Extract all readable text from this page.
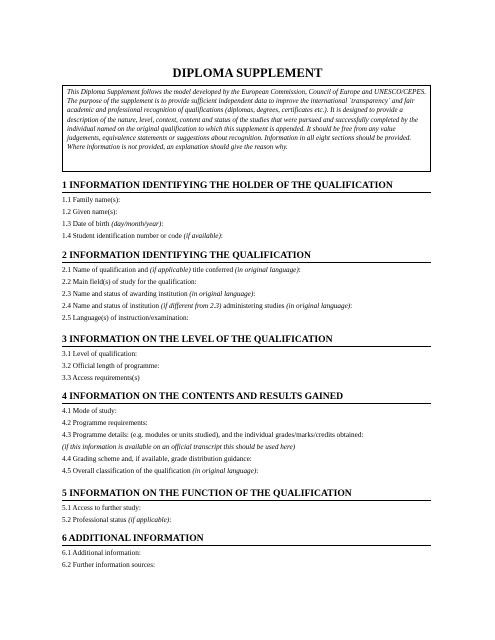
DIPLOMA SUPPLEMENT
This Diploma Supplement follows the model developed by the European Commission, Council of Europe and UNESCO/CEPES. The purpose of the supplement is to provide sufficient independent data to improve the international `transparency` and fair academic and professional recognition of qualifications (diplomas, degrees, certificates etc.). It is designed to provide a description of the nature, level, context, content and status of the studies that were pursued and successfully completed by the individual named on the original qualification to which this supplement is appended. It should be free from any value judgements, equivalence statements or suggestions about recognition. Information in all eight sections should be provided. Where information is not provided, an explanation should give the reason why.
1 INFORMATION IDENTIFYING THE HOLDER OF THE QUALIFICATION
1.1 Family name(s):
1.2 Given name(s):
1.3 Date of birth (day/month/year):
1.4 Student identification number or code (if available):
2 INFORMATION IDENTIFYING THE QUALIFICATION
2.1 Name of qualification and (if applicable) title conferred (in original language):
2.2 Main field(s) of study for the qualification:
2.3 Name and status of awarding institution (in original language):
2.4 Name and status of institution (if different from 2.3) administering studies (in original language):
2.5 Language(s) of instruction/examination:
3 INFORMATION ON THE LEVEL OF THE QUALIFICATION
3.1 Level of qualification:
3.2 Official length of programme:
3.3 Access requirements(s)
4 INFORMATION ON THE CONTENTS AND RESULTS GAINED
4.1 Mode of study:
4.2 Programme requirements:
4.3 Programme details: (e.g. modules or units studied), and the individual grades/marks/credits obtained:
(if this information is available on an official transcript this should be used here)
4.4 Grading scheme and, if available, grade distribution guidance:
4.5 Overall classification of the qualification (in original language):
5 INFORMATION ON THE FUNCTION OF THE QUALIFICATION
5.1 Access to further study:
5.2 Professional status (if applicable):
6 ADDITIONAL INFORMATION
6.1 Additional information:
6.2 Further information sources:
